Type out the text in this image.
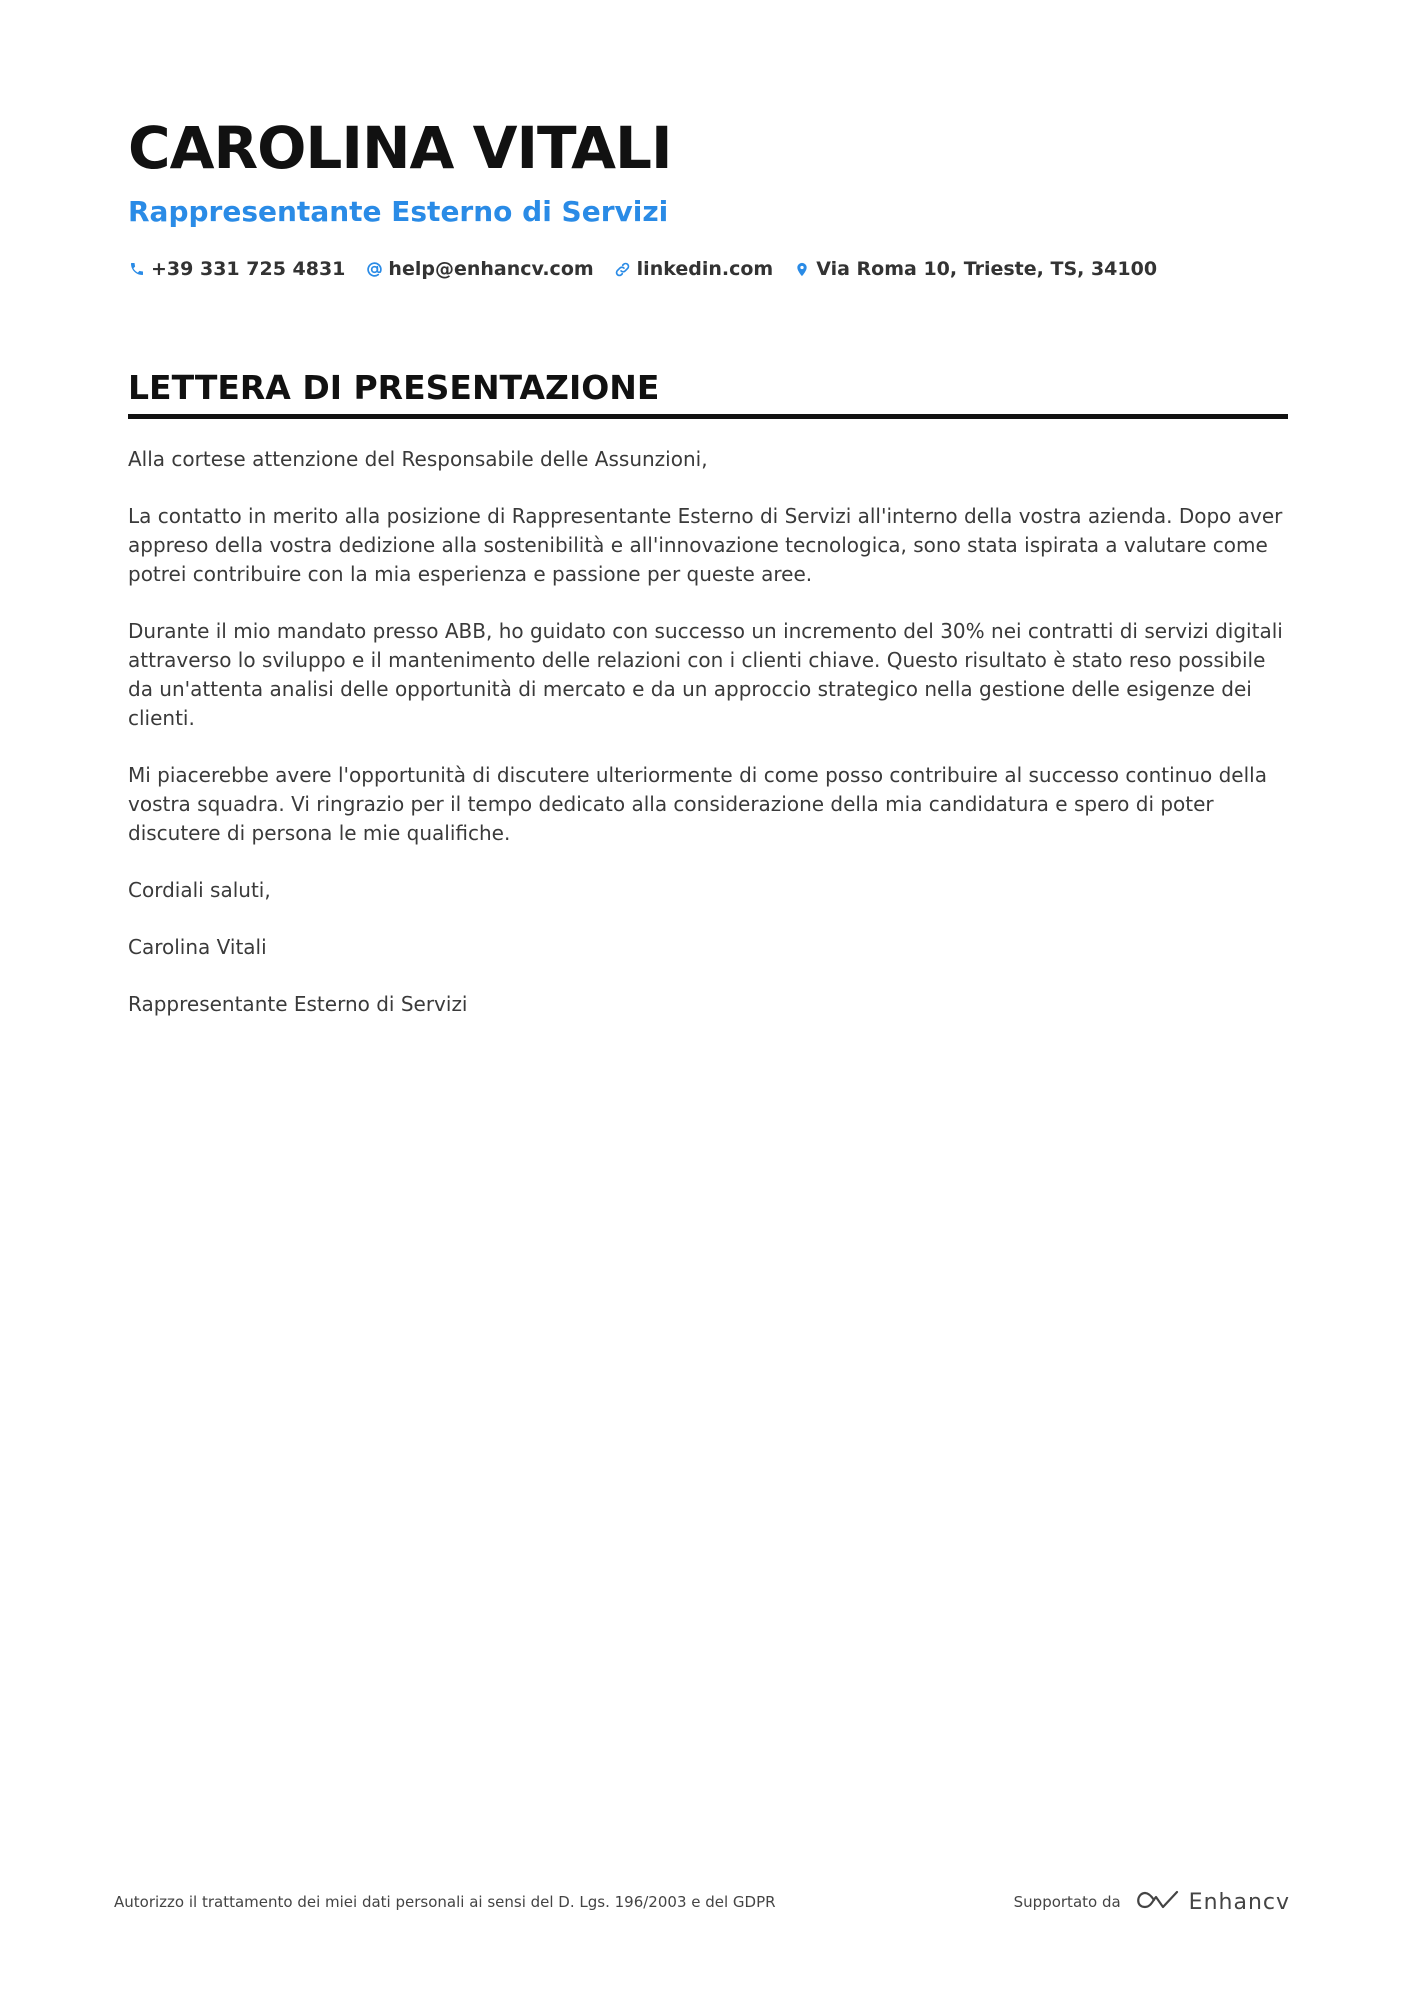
CAROLINA VITALI
Rappresentante Esterno di Servizi
+39 331 725 4831 help@enhancv.com linkedin.com Via Roma 10, Trieste, TS, 34100
LETTERA DI PRESENTAZIONE

Alla cortese attenzione del Responsabile delle Assunzioni,

La contatto in merito alla posizione di Rappresentante Esterno di Servizi all'interno della vostra azienda. Dopo aver appreso della vostra dedizione alla sostenibilità e all'innovazione tecnologica, sono stata ispirata a valutare come potrei contribuire con la mia esperienza e passione per queste aree.

Durante il mio mandato presso ABB, ho guidato con successo un incremento del 30% nei contratti di servizi digitali attraverso lo sviluppo e il mantenimento delle relazioni con i clienti chiave. Questo risultato è stato reso possibile da un'attenta analisi delle opportunità di mercato e da un approccio strategico nella gestione delle esigenze dei clienti.

Mi piacerebbe avere l'opportunità di discutere ulteriormente di come posso contribuire al successo continuo della vostra squadra. Vi ringrazio per il tempo dedicato alla considerazione della mia candidatura e spero di poter discutere di persona le mie qualifiche.

Cordiali saluti,

Carolina Vitali

Rappresentante Esterno di Servizi

Autorizzo il trattamento dei miei dati personali ai sensi del D. Lgs. 196/2003 e del GDPR	Supportato da	Enhancv
